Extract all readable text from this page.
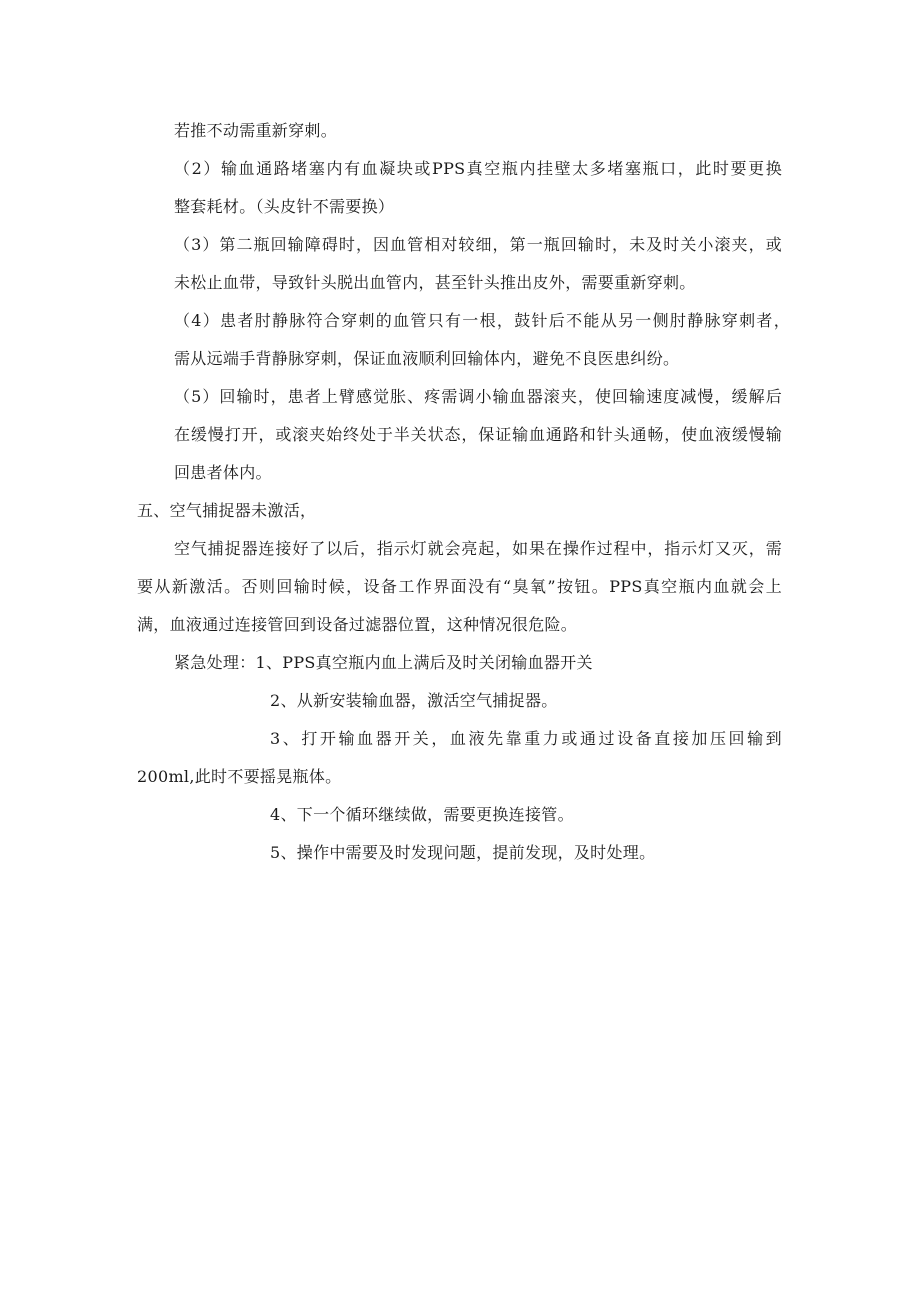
若推不动需重新穿刺。
（2）输血通路堵塞内有血凝块或PPS真空瓶内挂壁太多堵塞瓶口，此时要更换
整套耗材。（头皮针不需要换）
（3）第二瓶回输障碍时，因血管相对较细，第一瓶回输时，未及时关小滚夹，或
未松止血带，导致针头脱出血管内，甚至针头推出皮外，需要重新穿刺。
（4）患者肘静脉符合穿刺的血管只有一根，鼓针后不能从另一侧肘静脉穿刺者，
需从远端手背静脉穿刺，保证血液顺利回输体内，避免不良医患纠纷。
（5）回输时，患者上臂感觉胀、疼需调小输血器滚夹，使回输速度减慢，缓解后
在缓慢打开，或滚夹始终处于半关状态，保证输血通路和针头通畅，使血液缓慢输
回患者体内。
五、空气捕捉器未激活，
空气捕捉器连接好了以后，指示灯就会亮起，如果在操作过程中，指示灯又灭，需
要从新激活。否则回输时候，设备工作界面没有“臭氧”按钮。PPS真空瓶内血就会上
满，血液通过连接管回到设备过滤器位置，这种情况很危险。
紧急处理：1、PPS真空瓶内血上满后及时关闭输血器开关
2、从新安装输血器，激活空气捕捉器。
3、打开输血器开关，血液先靠重力或通过设备直接加压回输到
200ml,此时不要摇晃瓶体。
4、下一个循环继续做，需要更换连接管。
5、操作中需要及时发现问题，提前发现，及时处理。
